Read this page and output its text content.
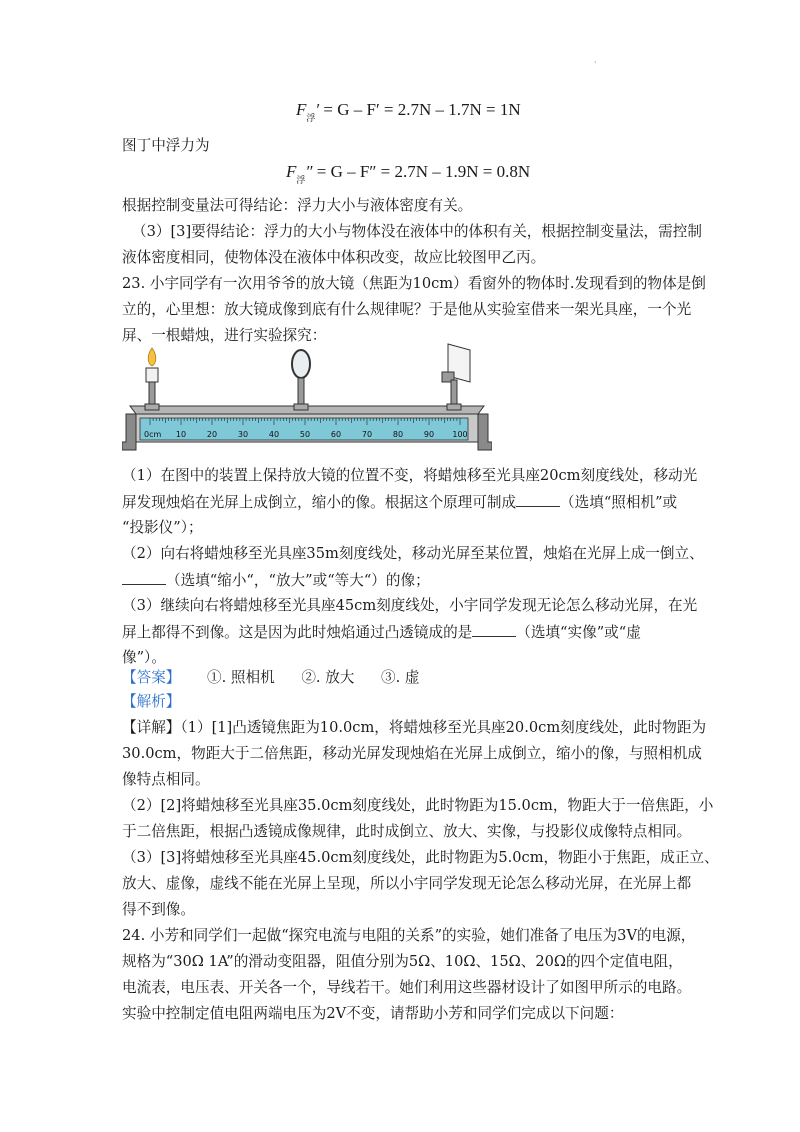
·
$F_浮' = G - F' = 2.7N - 1.7N = 1N$
图丁中浮力为
$F_浮'' = G - F'' = 2.7N - 1.9N = 0.8N$
根据控制变量法可得结论：浮力大小与液体密度有关。
（3）[3]要得结论：浮力的大小与物体没在液体中的体积有关，根据控制变量法，需控制
液体密度相同，使物体没在液体中体积改变，故应比较图甲乙丙。
23. 小宇同学有一次用爷爷的放大镜（焦距为10cm）看窗外的物体时.发现看到的物体是倒
立的，心里想：放大镜成像到底有什么规律呢？于是他从实验室借来一架光具座，一个光
屏、一根蜡烛，进行实验探究：
0cm 10	20	30	40	50	60	70	80	90 100
（1）在图中的装置上保持放大镜的位置不变，将蜡烛移至光具座20cm刻度线处，移动光
屏发现烛焰在光屏上成倒立，缩小的像。根据这个原理可制成	（选填“照相机”或
“投影仪”）；
（2）向右将蜡烛移至光具座35m刻度线处，移动光屏至某位置，烛焰在光屏上成一倒立、
（选填“缩小“，“放大”或“等大“）的像；
（3）继续向右将蜡烛移至光具座45cm刻度线处，小宇同学发现无论怎么移动光屏，在光
屏上都得不到像。这是因为此时烛焰通过凸透镜成的是	（选填“实像”或“虚
像”）。
【答案】 ①. 照相机 ②. 放大 ③. 虚
【解析】
【详解】（1）[1]凸透镜焦距为10.0cm，将蜡烛移至光具座20.0cm刻度线处，此时物距为
30.0cm，物距大于二倍焦距，移动光屏发现烛焰在光屏上成倒立，缩小的像，与照相机成
像特点相同。
（2）[2]将蜡烛移至光具座35.0cm刻度线处，此时物距为15.0cm，物距大于一倍焦距，小
于二倍焦距，根据凸透镜成像规律，此时成倒立、放大、实像，与投影仪成像特点相同。
（3）[3]将蜡烛移至光具座45.0cm刻度线处，此时物距为5.0cm，物距小于焦距，成正立、
放大、虚像，虚线不能在光屏上呈现，所以小宇同学发现无论怎么移动光屏，在光屏上都
得不到像。
24. 小芳和同学们一起做“探究电流与电阻的关系”的实验，她们准备了电压为3V的电源，
规格为“30Ω 1A”的滑动变阻器，阻值分别为5Ω、10Ω、15Ω、20Ω的四个定值电阻，
电流表，电压表、开关各一个，导线若干。她们利用这些器材设计了如图甲所示的电路。
实验中控制定值电阻两端电压为2V不变，请帮助小芳和同学们完成以下问题：
